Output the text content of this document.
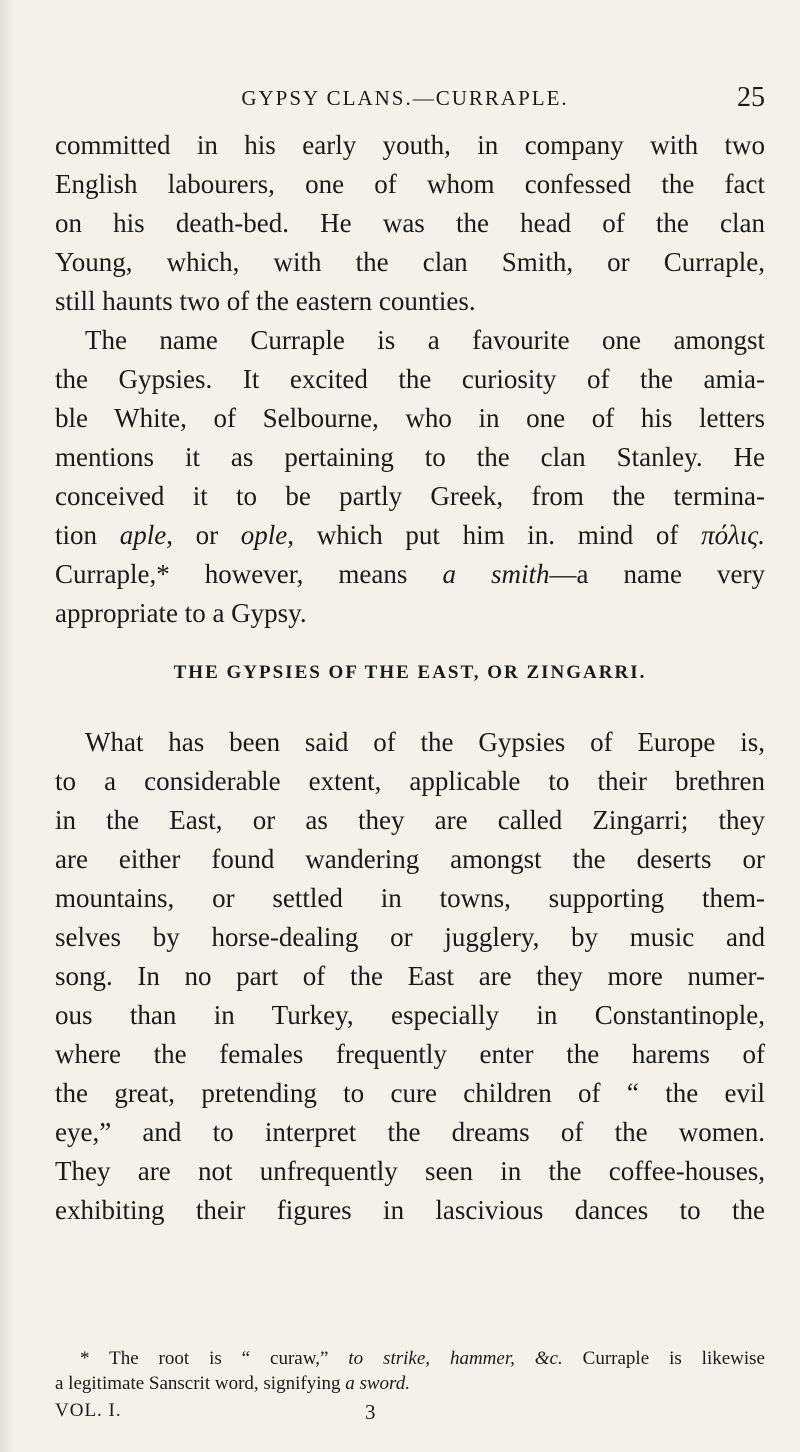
GYPSY CLANS.—CURRAPLE.	25
committed in his early youth, in company with two
English labourers, one of whom confessed the fact
on his death-bed. He was the head of the clan
Young, which, with the clan Smith, or Curraple,
still haunts two of the eastern counties.
The name Curraple is a favourite one amongst
the Gypsies. It excited the curiosity of the amia-
ble White, of Selbourne, who in one of his letters
mentions it as pertaining to the clan Stanley. He
conceived it to be partly Greek, from the termina-
tion aple, or ople, which put him in. mind of πόλις.
Curraple,* however, means a smith—a name very
appropriate to a Gypsy.
THE GYPSIES OF THE EAST, OR ZINGARRI.
What has been said of the Gypsies of Europe is,
to a considerable extent, applicable to their brethren
in the East, or as they are called Zingarri; they
are either found wandering amongst the deserts or
mountains, or settled in towns, supporting them-
selves by horse-dealing or jugglery, by music and
song. In no part of the East are they more numer-
ous than in Turkey, especially in Constantinople,
where the females frequently enter the harems of
the great, pretending to cure children of “ the evil
eye,” and to interpret the dreams of the women.
They are not unfrequently seen in the coffee-houses,
exhibiting their figures in lascivious dances to the
* The root is “ curaw,” to strike, hammer, &c. Curraple is likewise
a legitimate Sanscrit word, signifying a sword.
VOL. I.	3
